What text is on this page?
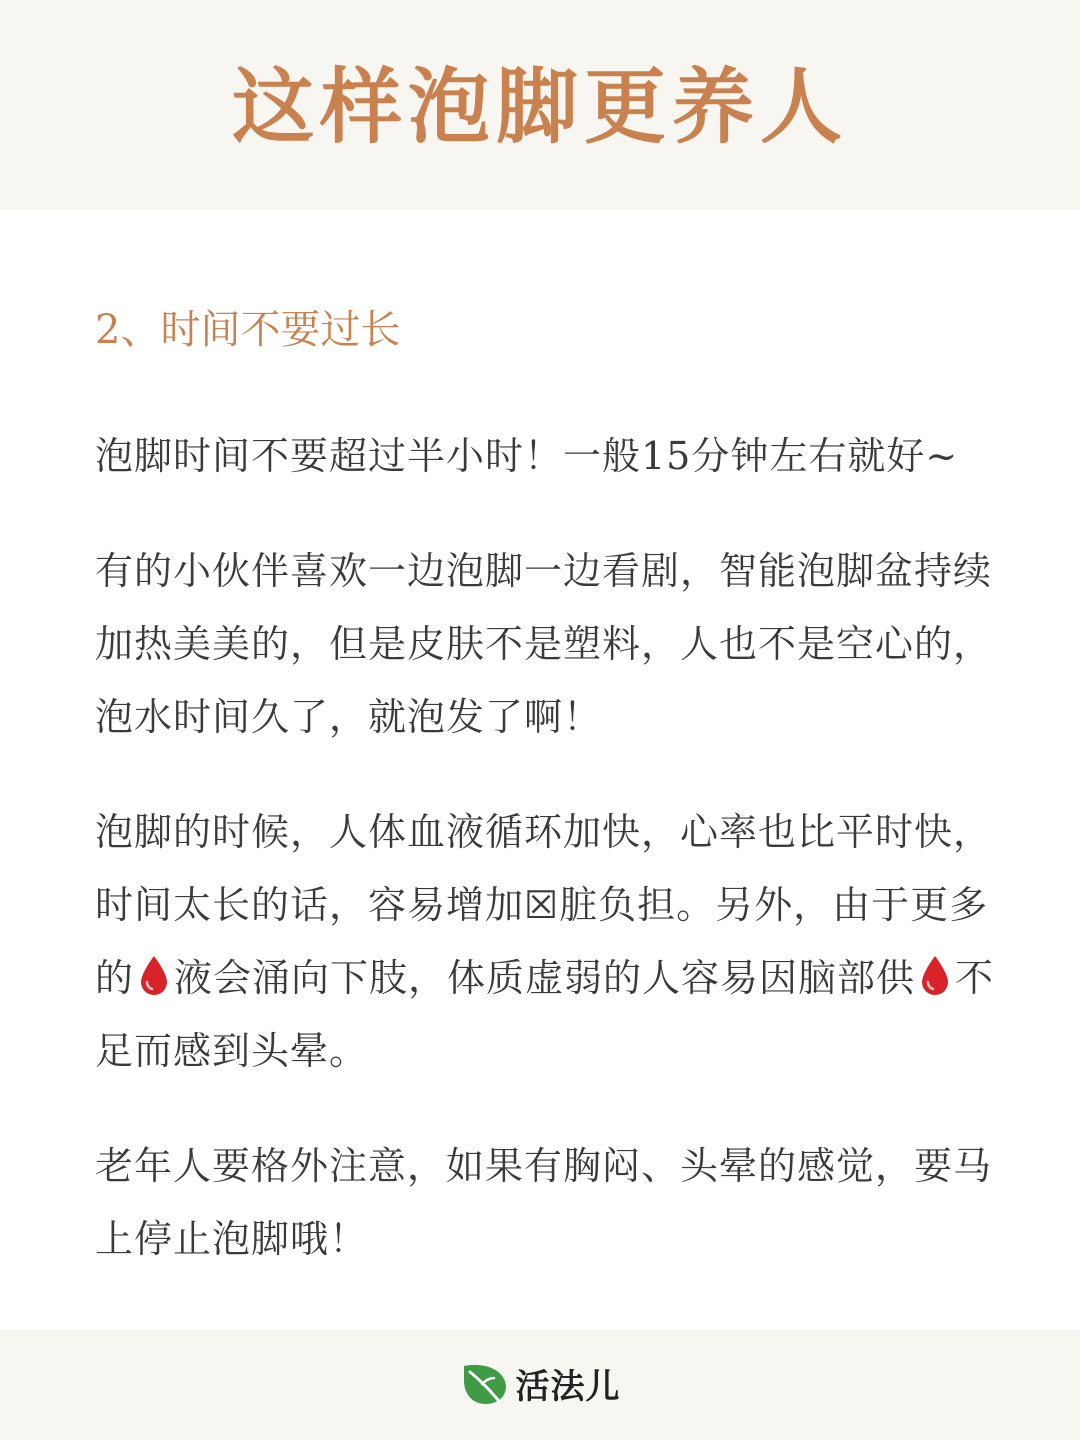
这样泡脚更养人
2、时间不要过长

泡脚时间不要超过半小时！一般15分钟左右就好~

有的小伙伴喜欢一边泡脚一边看剧，智能泡脚盆持续加热美美的，但是皮肤不是塑料，人也不是空心的，泡水时间久了，就泡发了啊！

泡脚的时候，人体血液循环加快，心率也比平时快，时间太长的话，容易增加☒脏负担。另外，由于更多的 液会涌向下肢，体质虚弱的人容易因脑部供 不足而感到头晕。

老年人要格外注意，如果有胸闷、头晕的感觉，要马上停止泡脚哦！

活法儿
